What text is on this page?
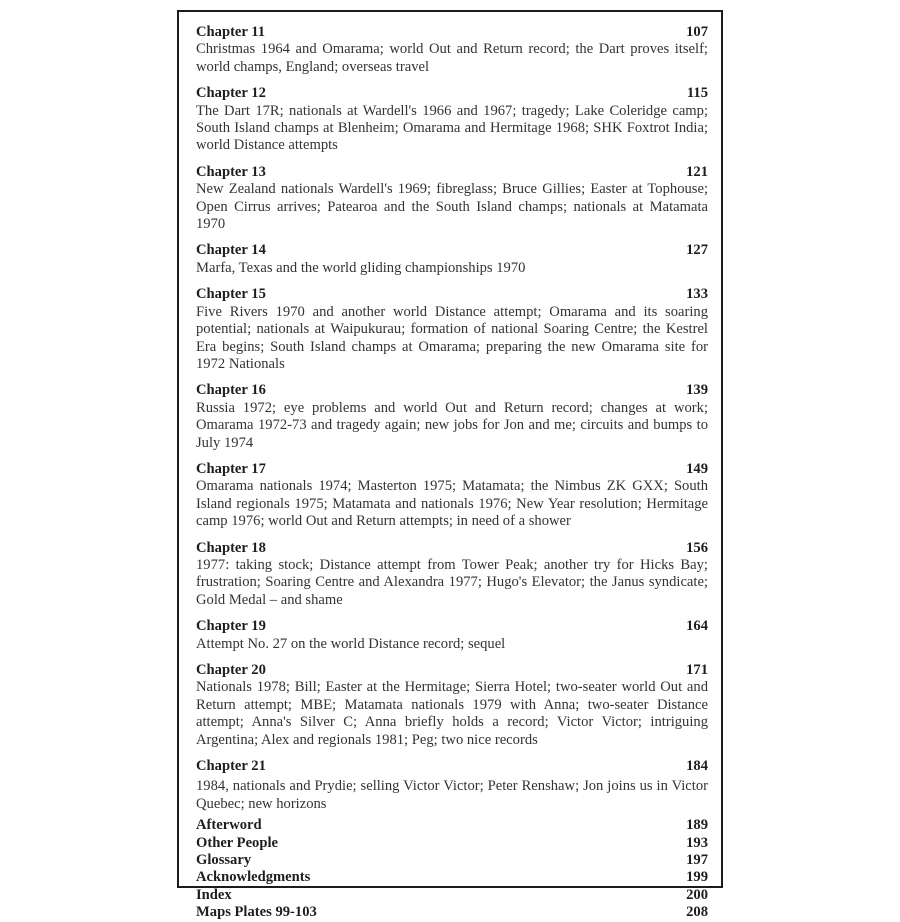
Chapter 11	107
Christmas 1964 and Omarama; world Out and Return record; the Dart proves itself; world champs, England; overseas travel
Chapter 12	115
The Dart 17R; nationals at Wardell's 1966 and 1967; tragedy; Lake Coleridge camp; South Island champs at Blenheim; Omarama and Hermitage 1968; SHK Foxtrot India; world Distance attempts
Chapter 13	121
New Zealand nationals Wardell's 1969; fibreglass; Bruce Gillies; Easter at Tophouse; Open Cirrus arrives; Patearoa and the South Island champs; nationals at Matamata 1970
Chapter 14	127
Marfa, Texas and the world gliding championships 1970
Chapter 15	133
Five Rivers 1970 and another world Distance attempt; Omarama and its soaring potential; nationals at Waipukurau; formation of national Soaring Centre; the Kestrel Era begins; South Island champs at Omarama; preparing the new Omarama site for 1972 Nationals
Chapter 16	139
Russia 1972; eye problems and world Out and Return record; changes at work; Omarama 1972-73 and tragedy again; new jobs for Jon and me; circuits and bumps to July 1974
Chapter 17	149
Omarama nationals 1974; Masterton 1975; Matamata; the Nimbus ZK GXX; South Island regionals 1975; Matamata and nationals 1976; New Year resolution; Hermitage camp 1976; world Out and Return attempts; in need of a shower
Chapter 18	156
1977: taking stock; Distance attempt from Tower Peak; another try for Hicks Bay; frustration; Soaring Centre and Alexandra 1977; Hugo's Elevator; the Janus syndicate; Gold Medal – and shame
Chapter 19	164
Attempt No. 27 on the world Distance record; sequel
Chapter 20	171
Nationals 1978; Bill; Easter at the Hermitage; Sierra Hotel; two-seater world Out and Return attempt; MBE; Matamata nationals 1979 with Anna; two-seater Distance attempt; Anna's Silver C; Anna briefly holds a record; Victor Victor; intriguing Argentina; Alex and regionals 1981; Peg; two nice records
Chapter 21	184
1984, nationals and Prydie; selling Victor Victor; Peter Renshaw; Jon joins us in Victor Quebec; new horizons
Afterword	189
Other People	193
Glossary	197
Acknowledgments	199
Index	200
Maps Plates 99-103	208
